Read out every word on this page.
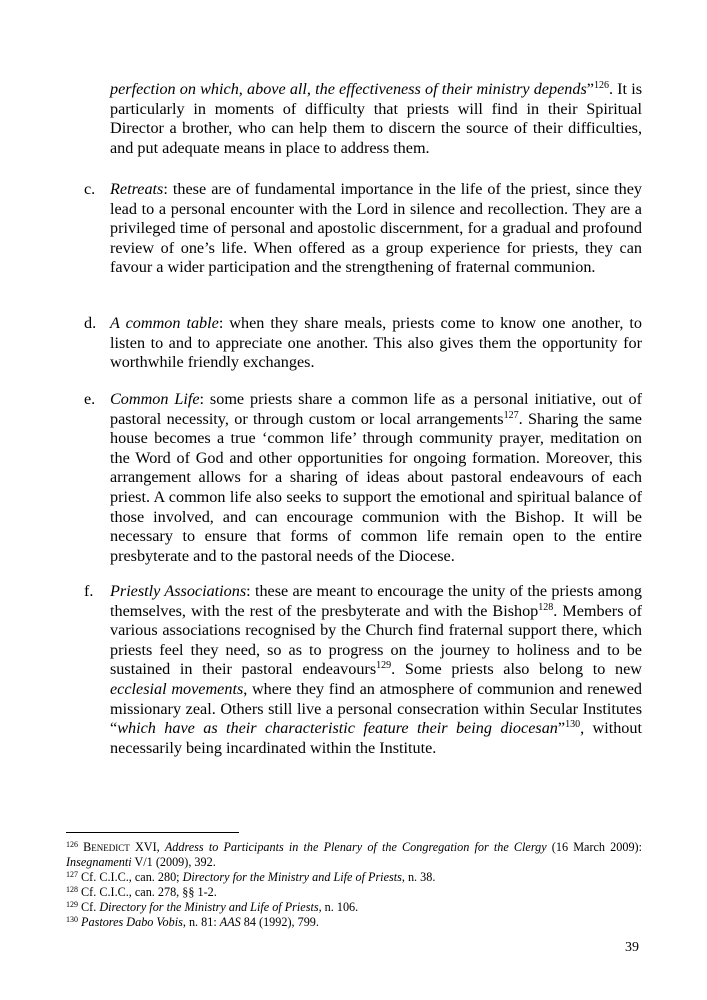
perfection on which, above all, the effectiveness of their ministry depends”$^{126}$. It is particularly in moments of difficulty that priests will find in their Spiritual Director a brother, who can help them to discern the source of their difficulties, and put adequate means in place to address them.

c. Retreats: these are of fundamental importance in the life of the priest, since they lead to a personal encounter with the Lord in silence and recollection. They are a privileged time of personal and apostolic discernment, for a gradual and profound review of one’s life. When offered as a group experience for priests, they can favour a wider participation and the strengthening of fraternal communion.
d. A common table: when they share meals, priests come to know one another, to listen to and to appreciate one another. This also gives them the opportunity for worthwhile friendly exchanges.
e. Common Life: some priests share a common life as a personal initiative, out of pastoral necessity, or through custom or local arrangements$^{127}$. Sharing the same house becomes a true ‘common life’ through community prayer, meditation on the Word of God and other opportunities for ongoing formation. Moreover, this arrangement allows for a sharing of ideas about pastoral endeavours of each priest. A common life also seeks to support the emotional and spiritual balance of those involved, and can encourage communion with the Bishop. It will be necessary to ensure that forms of common life remain open to the entire presbyterate and to the pastoral needs of the Diocese.
f. Priestly Associations: these are meant to encourage the unity of the priests among themselves, with the rest of the presbyterate and with the Bishop$^{128}$. Members of various associations recognised by the Church find fraternal support there, which priests feel they need, so as to progress on the journey to holiness and to be sustained in their pastoral endeavours$^{129}$. Some priests also belong to new ecclesial movements, where they find an atmosphere of communion and renewed missionary zeal. Others still live a personal consecration within Secular Institutes “which have as their characteristic feature their being diocesan”$^{130}$, without necessarily being incardinated within the Institute.
$^{126}$ Benedict XVI, Address to Participants in the Plenary of the Congregation for the Clergy (16 March 2009): Insegnamenti V/1 (2009), 392.
$^{127}$ Cf. C.I.C., can. 280; Directory for the Ministry and Life of Priests, n. 38.
$^{128}$ Cf. C.I.C., can. 278, §§ 1-2.
$^{129}$ Cf. Directory for the Ministry and Life of Priests, n. 106.
$^{130}$ Pastores Dabo Vobis, n. 81: AAS 84 (1992), 799.
39
